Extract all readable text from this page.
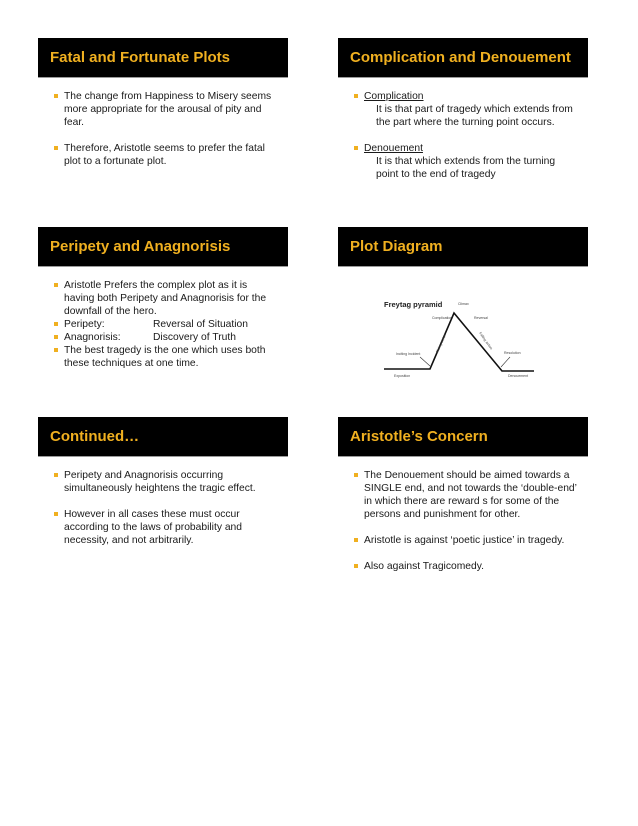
Fatal and Fortunate Plots
The change from Happiness to Misery seems more appropriate for the arousal of pity and fear.
Therefore, Aristotle seems to prefer the fatal plot to a fortunate plot.
Complication and Denouement
Complication
It is that part of tragedy which extends from the part where the turning point occurs.
Denouement
It is that which extends from the turning point to the end of tragedy
Peripety and Anagnorisis
Aristotle Prefers the complex plot as it is having both Peripety and Anagnorisis for the downfall of the hero.
Peripety:	Reversal of Situation
Anagnorisis:	Discovery of Truth
The best tragedy is the one which uses both these techniques at one time.
Plot Diagram
Freytag pyramid	Climax
Complication	Reversal
Rising action	Falling action
Inciting Incident	Resolution
Exposition	Denouement
Continued…
Peripety and Anagnorisis occurring simultaneously heightens the tragic effect.
However in all cases these must occur according to the laws of probability and necessity, and not arbitrarily.
Aristotle’s Concern
The Denouement should be aimed towards a SINGLE end, and not towards the ‘double-end’ in which there are reward s for some of the persons and punishment for other.
Aristotle is against ‘poetic justice’ in tragedy.
Also against Tragicomedy.
